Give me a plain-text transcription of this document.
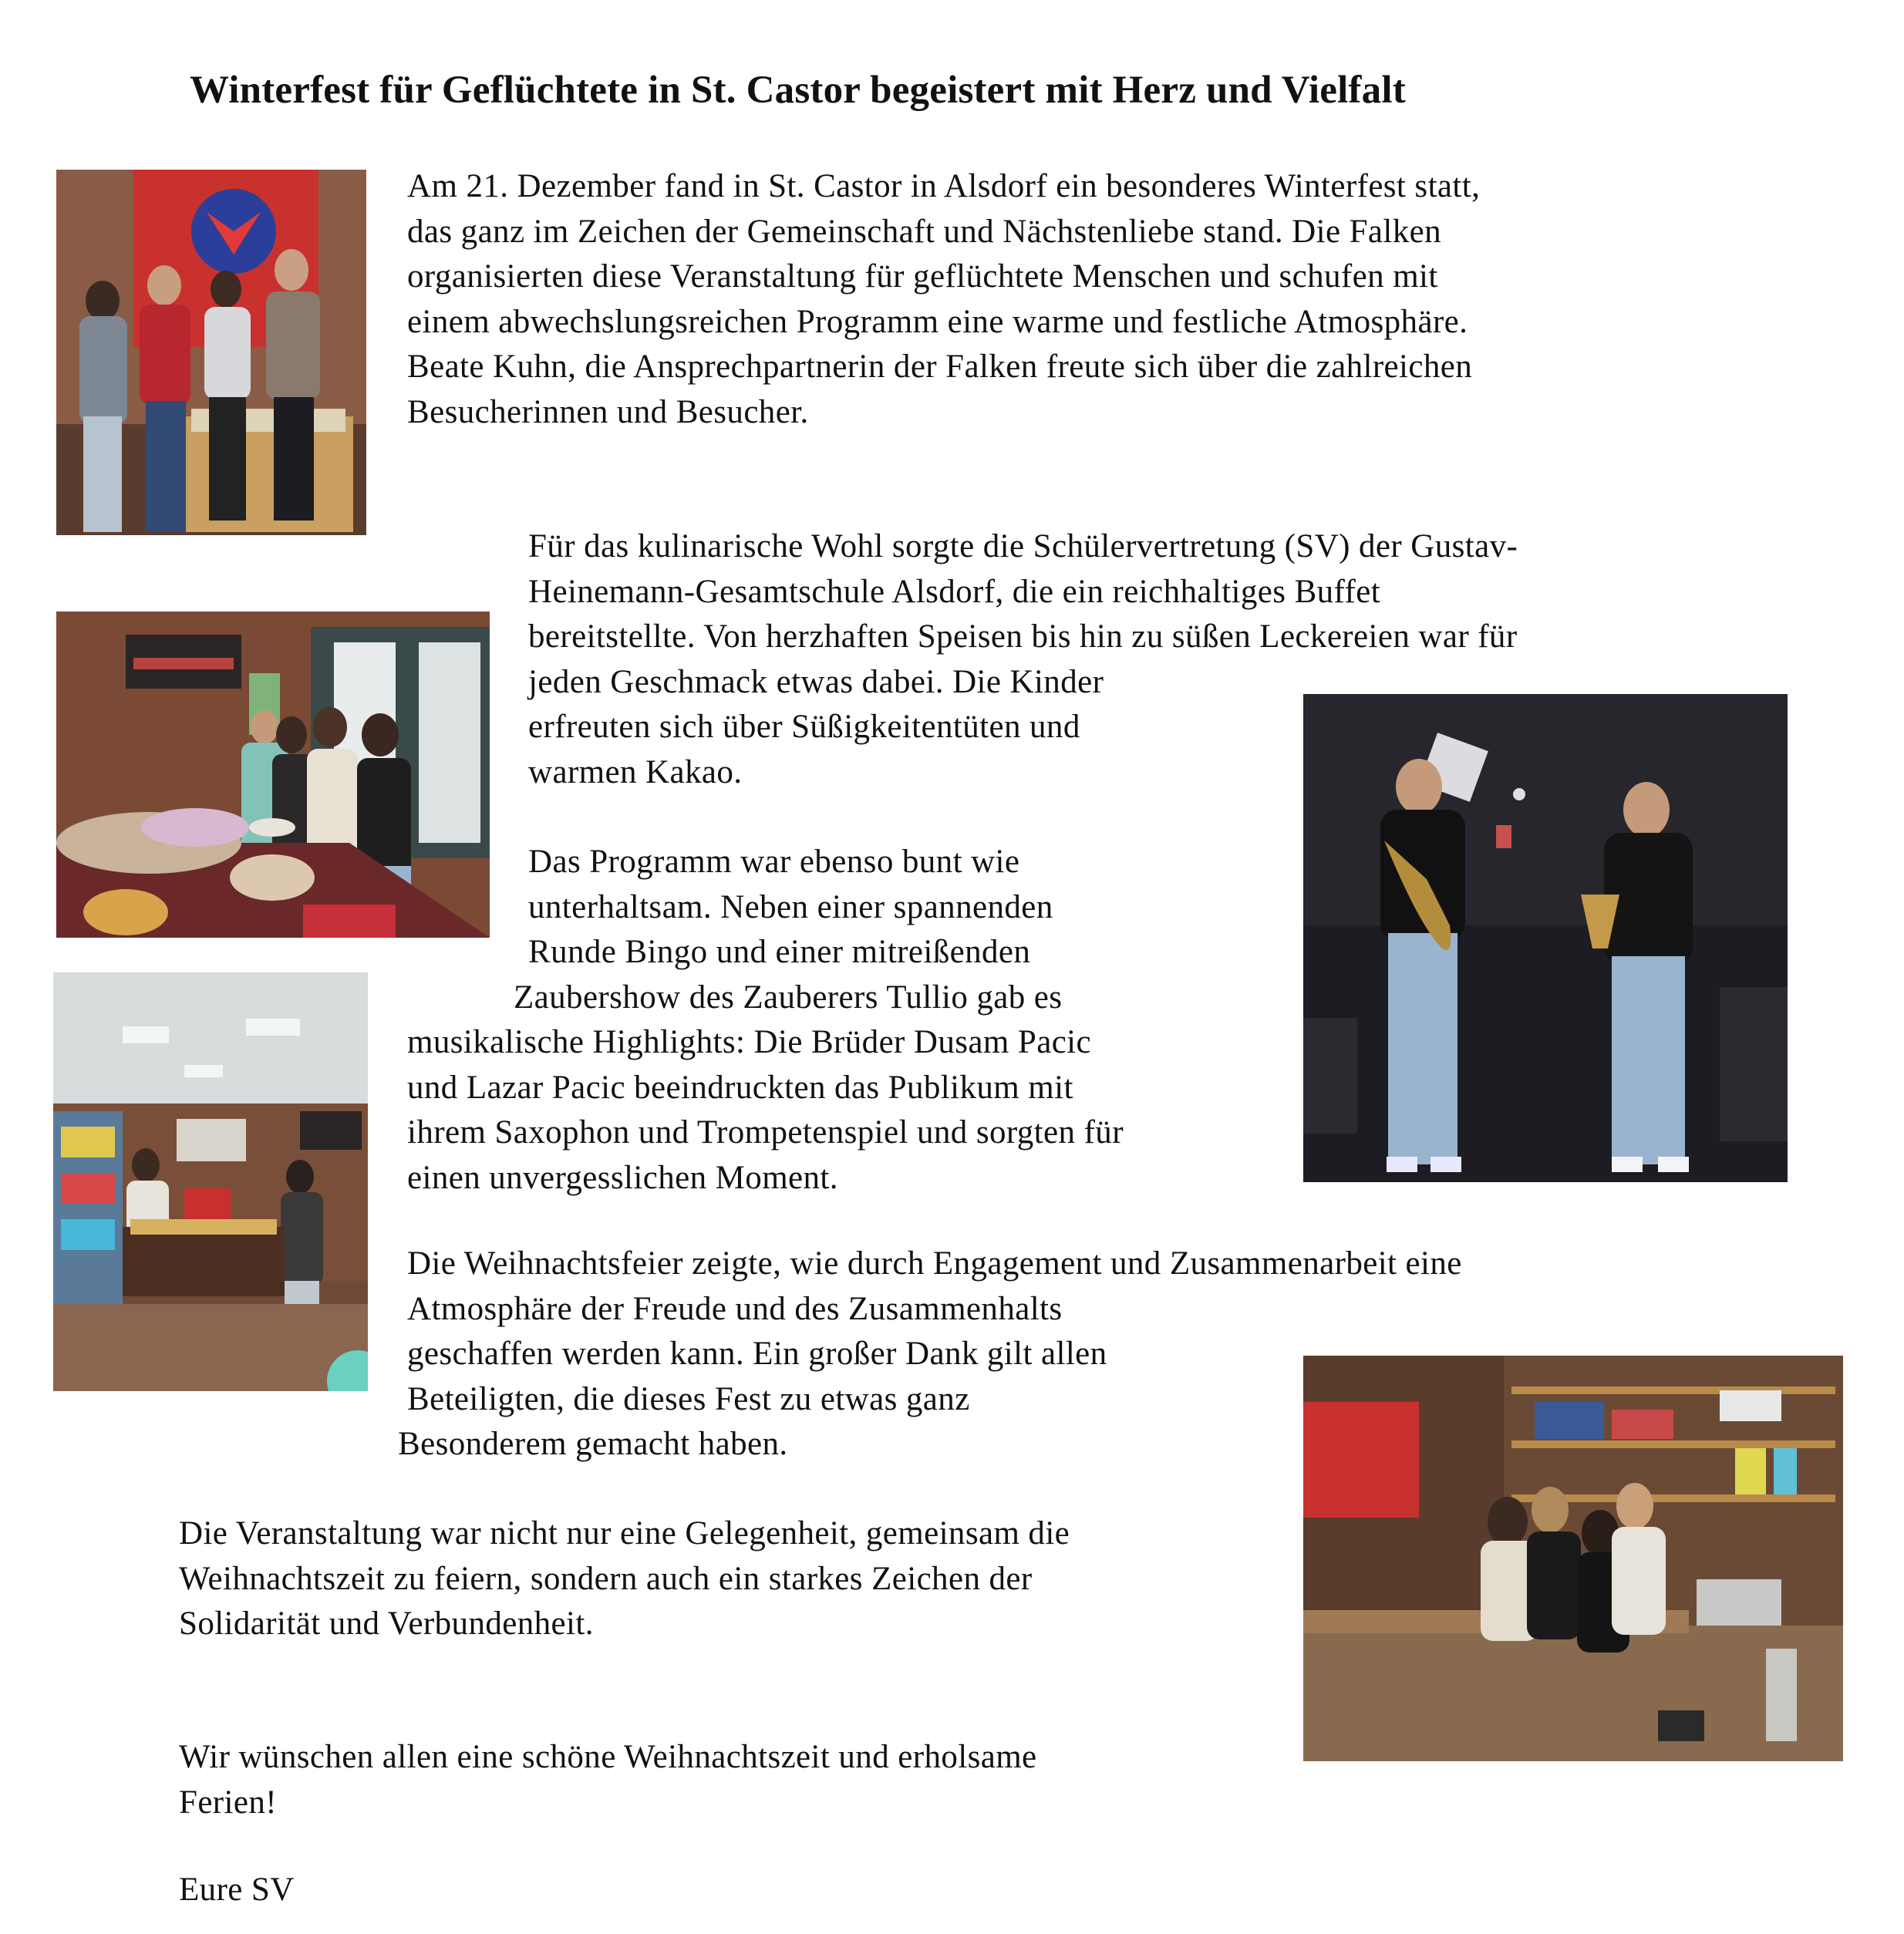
Winterfest für Geflüchtete in St. Castor begeistert mit Herz und Vielfalt
Am 21. Dezember fand in St. Castor in Alsdorf ein besonderes Winterfest statt,
das ganz im Zeichen der Gemeinschaft und Nächstenliebe stand. Die Falken
organisierten diese Veranstaltung für geflüchtete Menschen und schufen mit
einem abwechslungsreichen Programm eine warme und festliche Atmosphäre.
Beate Kuhn, die Ansprechpartnerin der Falken freute sich über die zahlreichen
Besucherinnen und Besucher.
Für das kulinarische Wohl sorgte die Schülervertretung (SV) der Gustav-
Heinemann-Gesamtschule Alsdorf, die ein reichhaltiges Buffet
bereitstellte. Von herzhaften Speisen bis hin zu süßen Leckereien war für
jeden Geschmack etwas dabei. Die Kinder
erfreuten sich über Süßigkeitentüten und
warmen Kakao.
Das Programm war ebenso bunt wie
unterhaltsam. Neben einer spannenden
Runde Bingo und einer mitreißenden
Zaubershow des Zauberers Tullio gab es
musikalische Highlights: Die Brüder Dusam Pacic
und Lazar Pacic beeindruckten das Publikum mit
ihrem Saxophon und Trompetenspiel und sorgten für
einen unvergesslichen Moment.
Die Weihnachtsfeier zeigte, wie durch Engagement und Zusammenarbeit eine
Atmosphäre der Freude und des Zusammenhalts
geschaffen werden kann. Ein großer Dank gilt allen
Beteiligten, die dieses Fest zu etwas ganz
Besonderem gemacht haben.
Die Veranstaltung war nicht nur eine Gelegenheit, gemeinsam die
Weihnachtszeit zu feiern, sondern auch ein starkes Zeichen der
Solidarität und Verbundenheit.
Wir wünschen allen eine schöne Weihnachtszeit und erholsame
Ferien!
Eure SV
